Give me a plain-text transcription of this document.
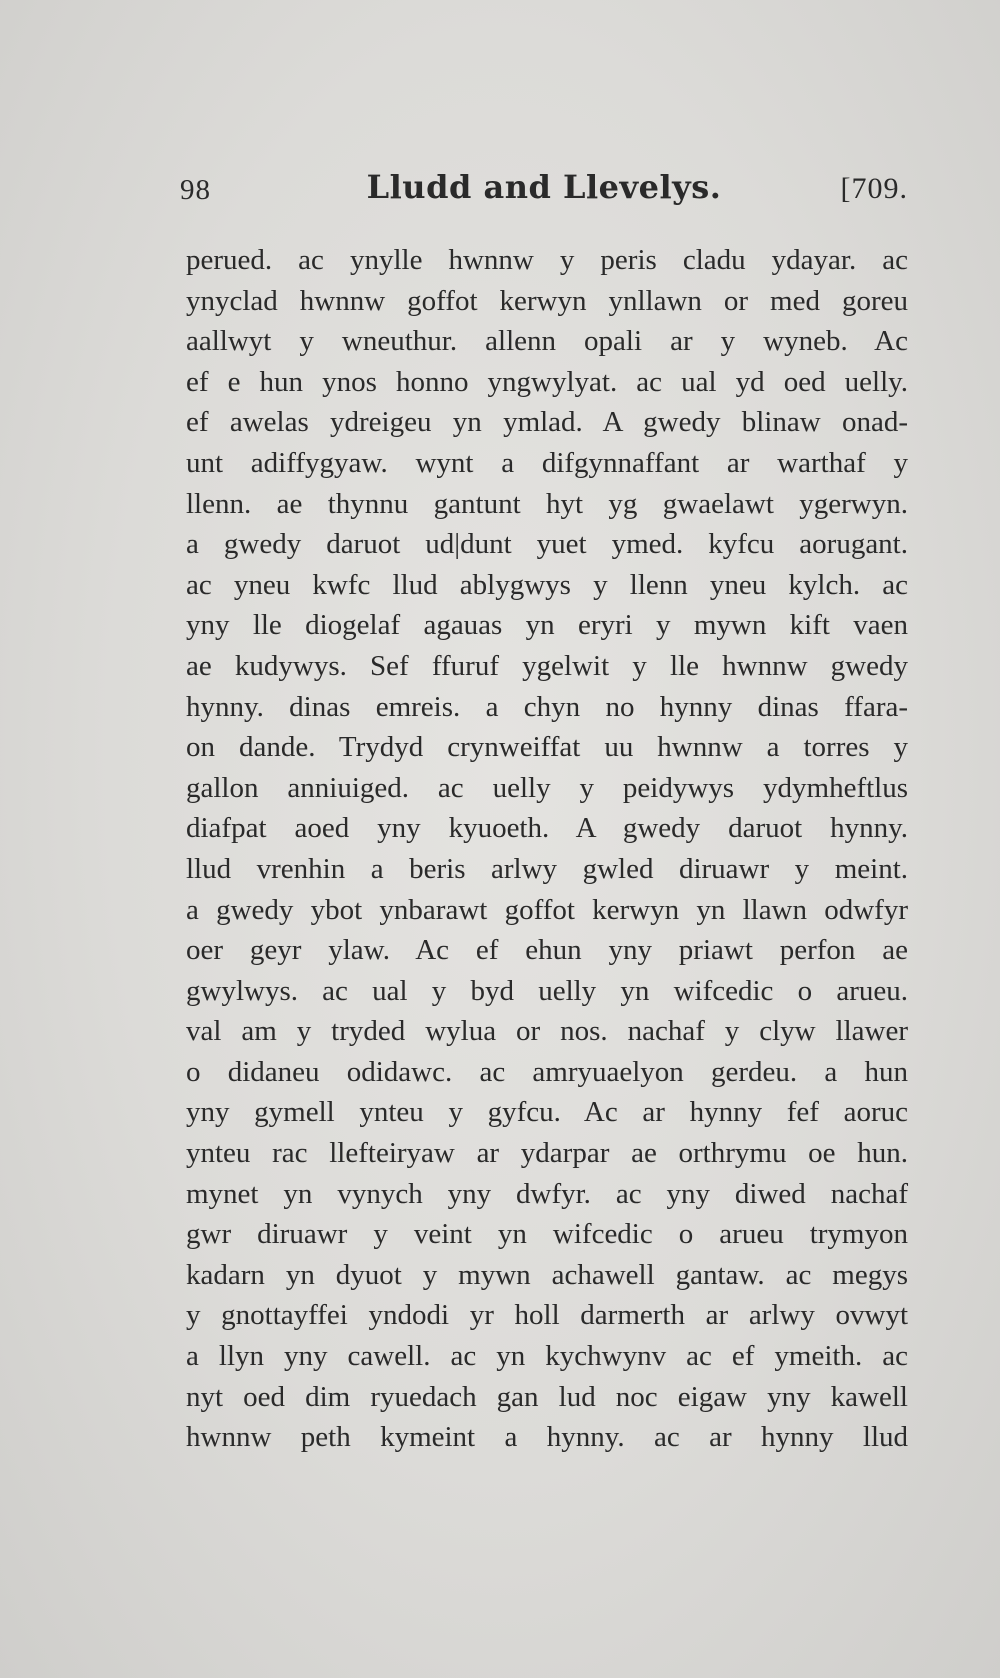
98	Lludd and Llevelys.	[709.
perued. ac ynylle hwnnw y peris cladu ydayar. ac
ynyclad hwnnw goffot kerwyn ynllawn or med goreu
aallwyt y wneuthur. allenn opali ar y wyneb. Ac
ef e hun ynos honno yngwylyat. ac ual yd oed uelly.
ef awelas ydreigeu yn ymlad. A gwedy blinaw onad-
unt adiffygyaw. wynt a difgynnaffant ar warthaf y
llenn. ae thynnu gantunt hyt yg gwaelawt ygerwyn.
a gwedy daruot ud|dunt yuet ymed. kyfcu aorugant.
ac yneu kwfc llud ablygwys y llenn yneu kylch. ac
yny lle diogelaf agauas yn eryri y mywn kift vaen
ae kudywys. Sef ffuruf ygelwit y lle hwnnw gwedy
hynny. dinas emreis. a chyn no hynny dinas ffara-
on dande. Trydyd crynweiffat uu hwnnw a torres y
gallon anniuiged. ac uelly y peidywys ydymheftlus
diafpat aoed yny kyuoeth. A gwedy daruot hynny.
llud vrenhin a beris arlwy gwled diruawr y meint.
a gwedy ybot ynbarawt goffot kerwyn yn llawn odwfyr
oer geyr ylaw. Ac ef ehun yny priawt perfon ae
gwylwys. ac ual y byd uelly yn wifcedic o arueu.
val am y tryded wylua or nos. nachaf y clyw llawer
o didaneu odidawc. ac amryuaelyon gerdeu. a hun
yny gymell ynteu y gyfcu. Ac ar hynny fef aoruc
ynteu rac llefteiryaw ar ydarpar ae orthrymu oe hun.
mynet yn vynych yny dwfyr. ac yny diwed nachaf
gwr diruawr y veint yn wifcedic o arueu trymyon
kadarn yn dyuot y mywn achawell gantaw. ac megys
y gnottayffei yndodi yr holl darmerth ar arlwy ovwyt
a llyn yny cawell. ac yn kychwynv ac ef ymeith. ac
nyt oed dim ryuedach gan lud noc eigaw yny kawell
hwnnw peth kymeint a hynny. ac ar hynny llud
